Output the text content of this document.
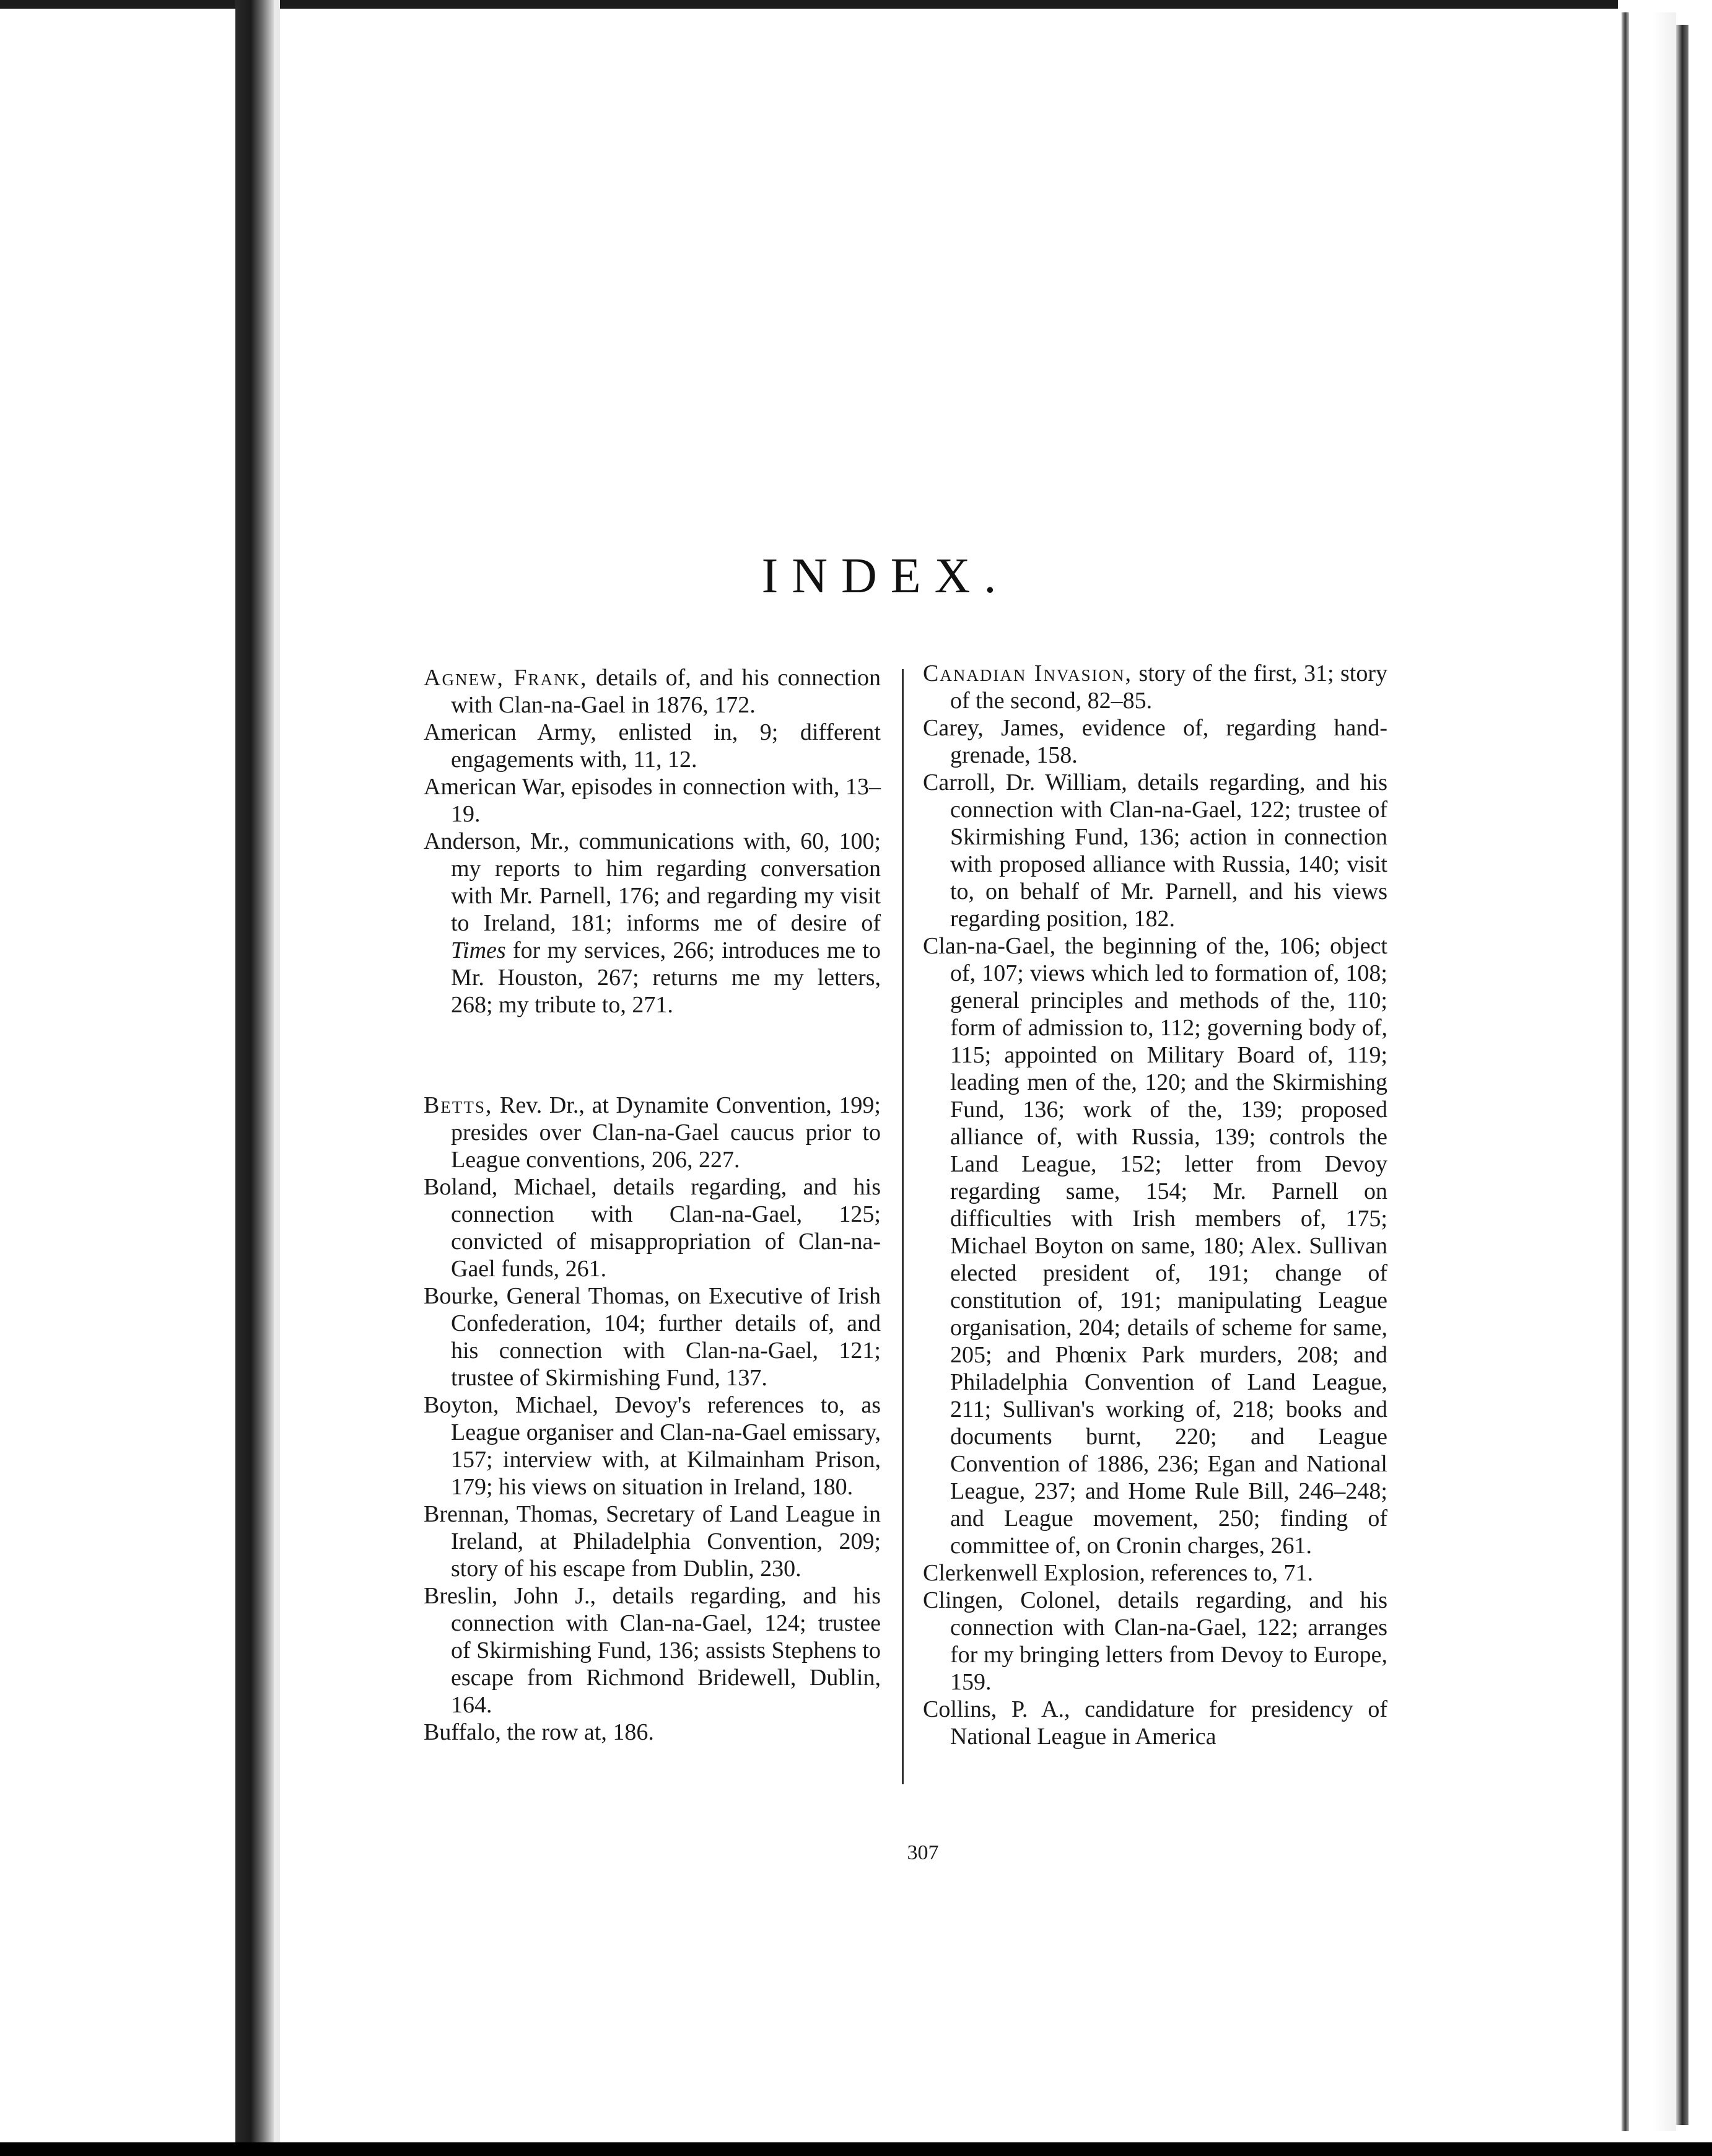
INDEX.

Agnew, Frank, details of, and his connection with Clan-na-Gael in 1876, 172.

American Army, enlisted in, 9; different engagements with, 11, 12.

American War, episodes in connection with, 13–19.

Anderson, Mr., communications with, 60, 100; my reports to him regarding conversation with Mr. Parnell, 176; and regarding my visit to Ireland, 181; informs me of desire of Times for my services, 266; introduces me to Mr. Houston, 267; returns me my letters, 268; my tribute to, 271.

Betts, Rev. Dr., at Dynamite Convention, 199; presides over Clan-na-Gael caucus prior to League conventions, 206, 227.

Boland, Michael, details regarding, and his connection with Clan-na-Gael, 125; convicted of misappropriation of Clan-na-Gael funds, 261.

Bourke, General Thomas, on Executive of Irish Confederation, 104; further details of, and his connection with Clan-na-Gael, 121; trustee of Skirmishing Fund, 137.

Boyton, Michael, Devoy's references to, as League organiser and Clan-na-Gael emissary, 157; interview with, at Kilmainham Prison, 179; his views on situation in Ireland, 180.

Brennan, Thomas, Secretary of Land League in Ireland, at Philadelphia Convention, 209; story of his escape from Dublin, 230.

Breslin, John J., details regarding, and his connection with Clan-na-Gael, 124; trustee of Skirmishing Fund, 136; assists Stephens to escape from Richmond Bridewell, Dublin, 164.

Buffalo, the row at, 186.

Canadian Invasion, story of the first, 31; story of the second, 82–85.

Carey, James, evidence of, regarding hand-grenade, 158.

Carroll, Dr. William, details regarding, and his connection with Clan-na-Gael, 122; trustee of Skirmishing Fund, 136; action in connection with proposed alliance with Russia, 140; visit to, on behalf of Mr. Parnell, and his views regarding position, 182.

Clan-na-Gael, the beginning of the, 106; object of, 107; views which led to formation of, 108; general principles and methods of the, 110; form of admission to, 112; governing body of, 115; appointed on Military Board of, 119; leading men of the, 120; and the Skirmishing Fund, 136; work of the, 139; proposed alliance of, with Russia, 139; controls the Land League, 152; letter from Devoy regarding same, 154; Mr. Parnell on difficulties with Irish members of, 175; Michael Boyton on same, 180; Alex. Sullivan elected president of, 191; change of constitution of, 191; manipulating League organisation, 204; details of scheme for same, 205; and Phœnix Park murders, 208; and Philadelphia Convention of Land League, 211; Sullivan's working of, 218; books and documents burnt, 220; and League Convention of 1886, 236; Egan and National League, 237; and Home Rule Bill, 246–248; and League movement, 250; finding of committee of, on Cronin charges, 261.

Clerkenwell Explosion, references to, 71.

Clingen, Colonel, details regarding, and his connection with Clan-na-Gael, 122; arranges for my bringing letters from Devoy to Europe, 159.

Collins, P. A., candidature for presidency of National League in America

307
